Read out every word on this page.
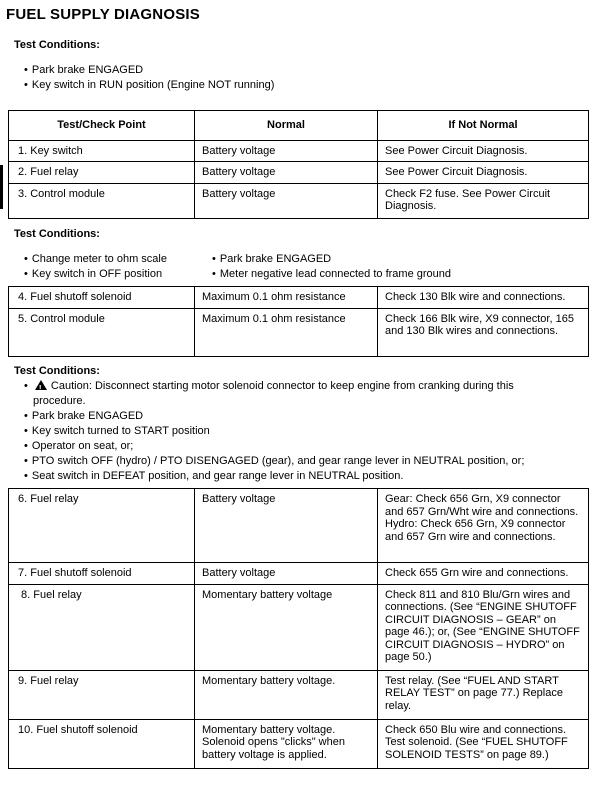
FUEL SUPPLY DIAGNOSIS
Test Conditions:
• Park brake ENGAGED
• Key switch in RUN position (Engine NOT running)
Test/Check Point	Normal	If Not Normal
1. Key switch	Battery voltage	See Power Circuit Diagnosis.
2. Fuel relay	Battery voltage	See Power Circuit Diagnosis.
3. Control module	Battery voltage	Check F2 fuse. See Power Circuit Diagnosis.
Test Conditions:
• Change meter to ohm scale
• Key switch in OFF position
• Park brake ENGAGED
• Meter negative lead connected to frame ground
4. Fuel shutoff solenoid	Maximum 0.1 ohm resistance	Check 130 Blk wire and connections.
5. Control module	Maximum 0.1 ohm resistance	Check 166 Blk wire, X9 connector, 165 and 130 Blk wires and connections.
Test Conditions:
!• Caution: Disconnect starting motor solenoid connector to keep engine from cranking during this
procedure.
• Park brake ENGAGED
• Key switch turned to START position
• Operator on seat, or;
• PTO switch OFF (hydro) / PTO DISENGAGED (gear), and gear range lever in NEUTRAL position, or;
• Seat switch in DEFEAT position, and gear range lever in NEUTRAL position.
6. Fuel relay	Battery voltage	Gear: Check 656 Grn, X9 connector and 657 Grn/Wht wire and connections.
Hydro: Check 656 Grn, X9 connector and 657 Grn wire and connections.
7. Fuel shutoff solenoid	Battery voltage	Check 655 Grn wire and connections.
8. Fuel relay	Momentary battery voltage	Check 811 and 810 Blu/Grn wires and connections. (See “ENGINE SHUTOFF CIRCUIT DIAGNOSIS – GEAR” on page 46.); or, (See “ENGINE SHUTOFF CIRCUIT DIAGNOSIS – HYDRO” on page 50.)
9. Fuel relay	Momentary battery voltage.	Test relay. (See “FUEL AND START RELAY TEST” on page 77.) Replace relay.
10. Fuel shutoff solenoid	Momentary battery voltage. Solenoid opens "clicks" when battery voltage is applied.	Check 650 Blu wire and connections. Test solenoid. (See “FUEL SHUTOFF SOLENOID TESTS” on page 89.)
